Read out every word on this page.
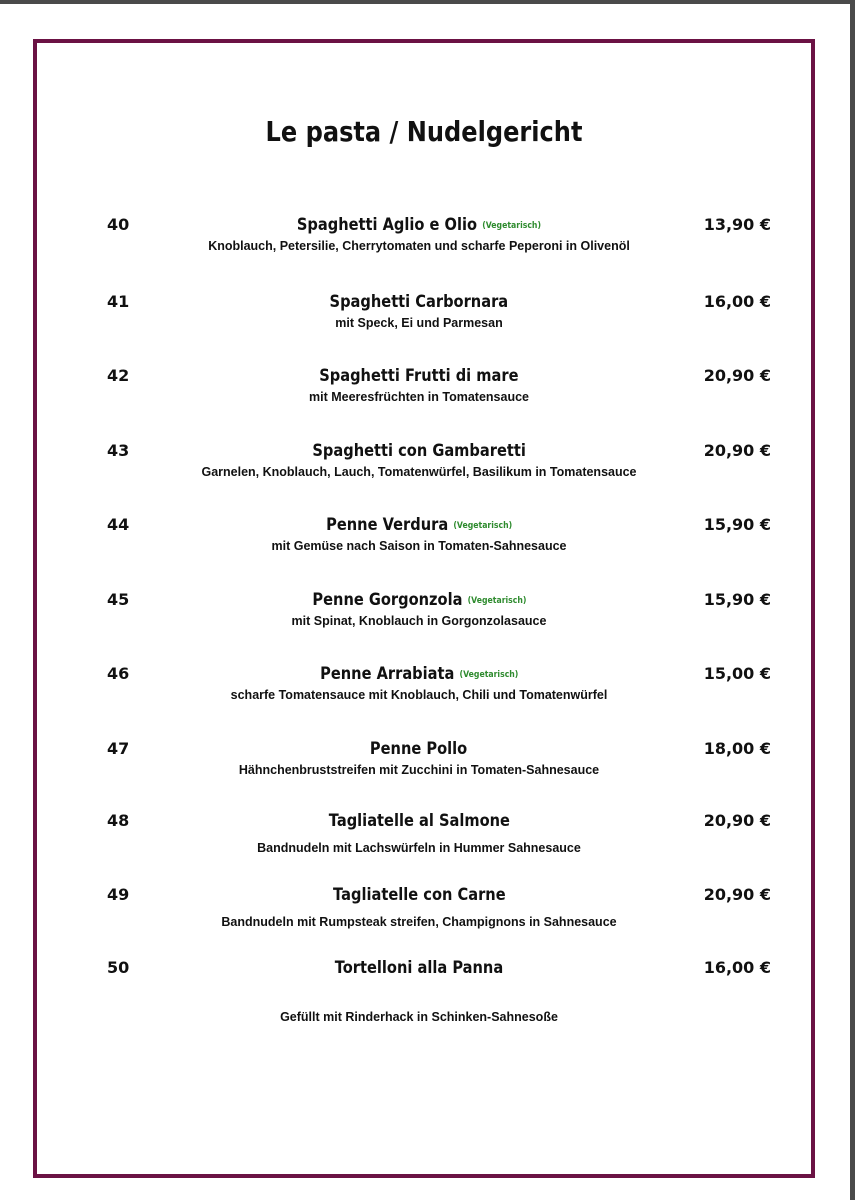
Le pasta / Nudelgericht
40	Spaghetti Aglio e Olio (Vegetarisch)
Knoblauch, Petersilie, Cherrytomaten und scharfe Peperoni in Olivenöl
13,90 €
41	Spaghetti Carbornara
mit Speck, Ei und Parmesan
16,00 €
42	Spaghetti Frutti di mare
mit Meeresfrüchten in Tomatensauce
20,90 €
43	Spaghetti con Gambaretti
Garnelen, Knoblauch, Lauch, Tomatenwürfel, Basilikum in Tomatensauce
20,90 €
44	Penne Verdura (Vegetarisch)
mit Gemüse nach Saison in Tomaten-Sahnesauce
15,90 €
45	Penne Gorgonzola (Vegetarisch)
mit Spinat, Knoblauch in Gorgonzolasauce
15,90 €
46	Penne Arrabiata (Vegetarisch)
scharfe Tomatensauce mit Knoblauch, Chili und Tomatenwürfel
15,00 €
47	Penne Pollo
Hähnchenbruststreifen mit Zucchini in Tomaten-Sahnesauce
18,00 €
48	Tagliatelle al Salmone
Bandnudeln mit Lachswürfeln in Hummer Sahnesauce
20,90 €
49	Tagliatelle con Carne
Bandnudeln mit Rumpsteak streifen, Champignons in Sahnesauce
20,90 €
50	Tortelloni alla Panna
Gefüllt mit Rinderhack in Schinken-Sahnesoße
16,00 €
